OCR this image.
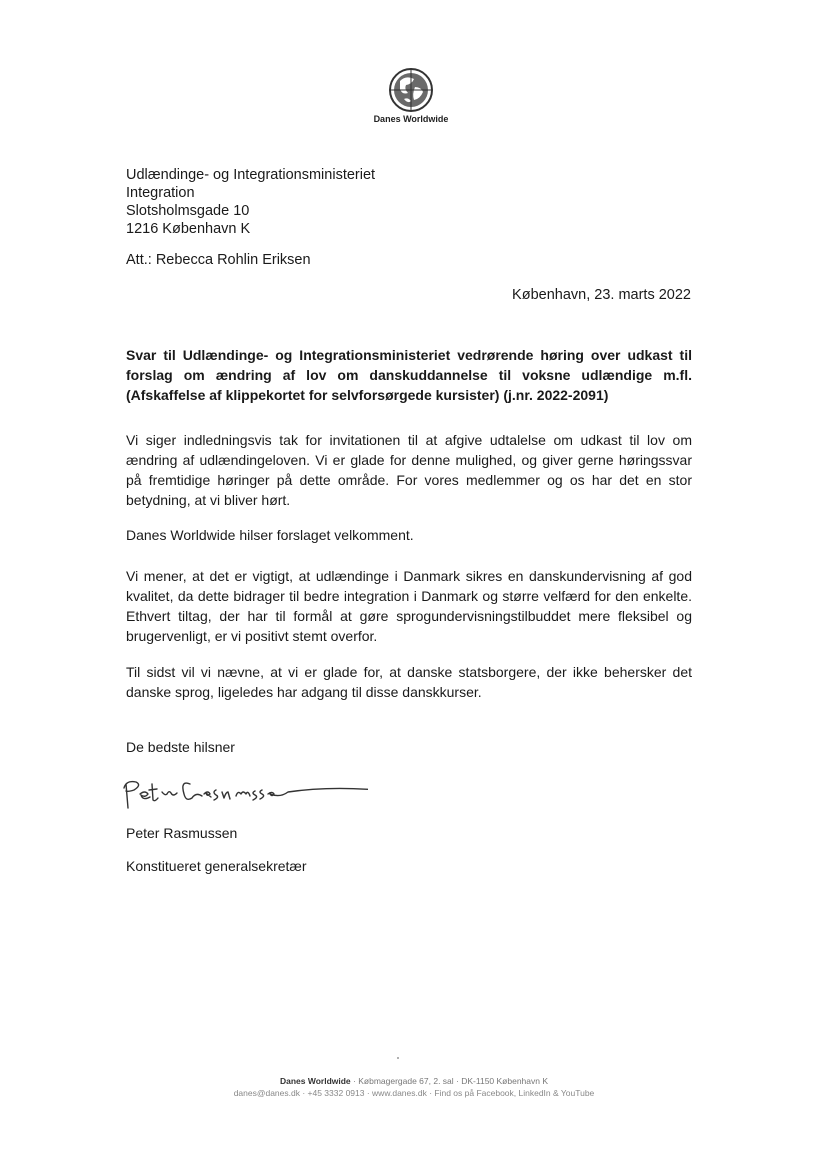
Danes Worldwide
Udlændinge- og Integrationsministeriet
Integration
Slotsholmsgade 10
1216 København K
Att.: Rebecca Rohlin Eriksen
København, 23. marts 2022

Svar til Udlændinge- og Integrationsministeriet vedrørende høring over udkast til forslag om ændring af lov om danskuddannelse til voksne udlændige m.fl. (Afskaffelse af klippekortet for selvforsørgede kursister) (j.nr. 2022-2091)

Vi siger indledningsvis tak for invitationen til at afgive udtalelse om udkast til lov om ændring af udlændingeloven. Vi er glade for denne mulighed, og giver gerne høringssvar på fremtidige høringer på dette område. For vores medlemmer og os har det en stor betydning, at vi bliver hørt.

Danes Worldwide hilser forslaget velkomment.

Vi mener, at det er vigtigt, at udlændinge i Danmark sikres en danskundervisning af god kvalitet, da dette bidrager til bedre integration i Danmark og større velfærd for den enkelte. Ethvert tiltag, der har til formål at gøre sprogundervisningstilbuddet mere fleksibel og brugervenligt, er vi positivt stemt overfor.

Til sidst vil vi nævne, at vi er glade for, at danske statsborgere, der ikke behersker det danske sprog, ligeledes har adgang til disse danskkurser.

De bedste hilsner
Peter Rasmussen
Konstitueret generalsekretær
Danes Worldwide · Købmagergade 67, 2. sal · DK-1150 København K
danes@danes.dk · +45 3332 0913 · www.danes.dk · Find os på Facebook, LinkedIn & YouTube
